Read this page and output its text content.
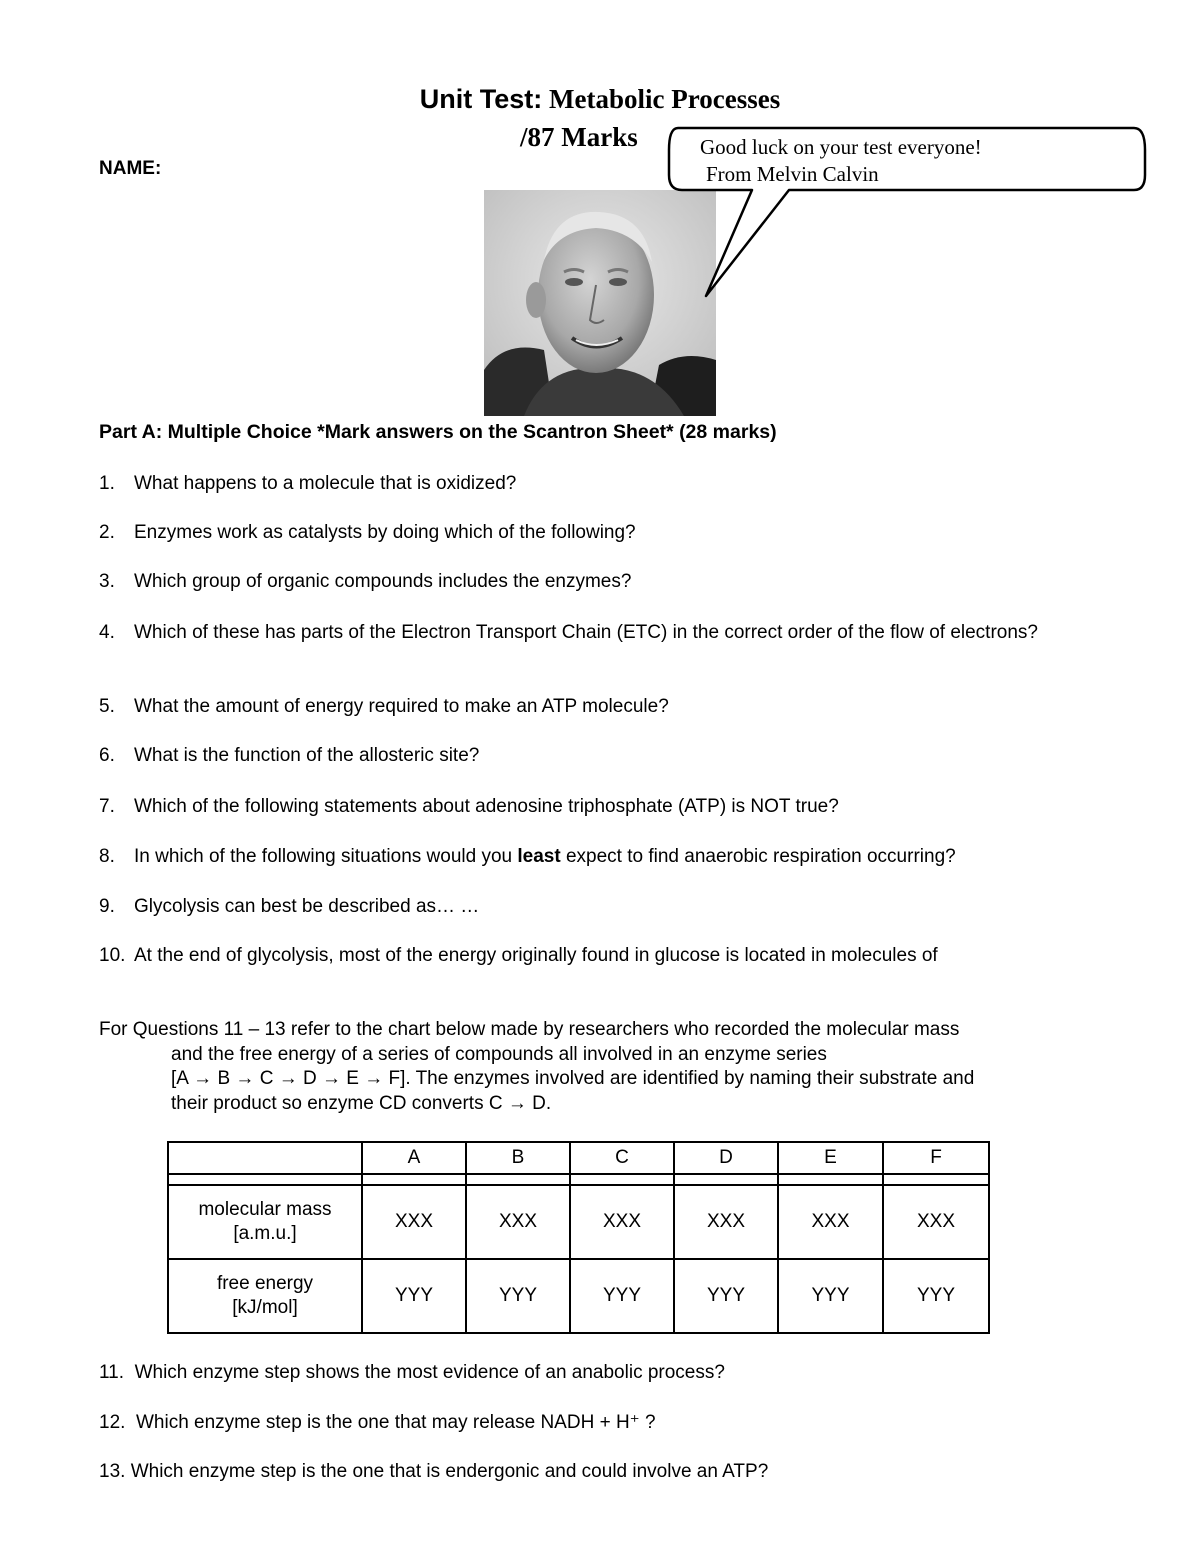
Unit Test: Metabolic Processes
/87 Marks
NAME:
Good luck on your test everyone!
From Melvin Calvin
Part A: Multiple Choice *Mark answers on the Scantron Sheet* (28 marks)
1.	What happens to a molecule that is oxidized?
2.	Enzymes work as catalysts by doing which of the following?
3.	Which group of organic compounds includes the enzymes?
4.	Which of these has parts of the Electron Transport Chain (ETC) in the correct order of the flow of electrons?
5.	What the amount of energy required to make an ATP molecule?
6.	What is the function of the allosteric site?
7.	Which of the following statements about adenosine triphosphate (ATP) is NOT true?
8.	In which of the following situations would you least expect to find anaerobic respiration occurring?
9.	Glycolysis can best be described as… …
10. At the end of glycolysis, most of the energy originally found in glucose is located in molecules of
For Questions 11 – 13 refer to the chart below made by researchers who recorded the molecular mass
and the free energy of a series of compounds all involved in an enzyme series
[A → B → C → D → E → F]. The enzymes involved are identified by naming their substrate and
their product so enzyme CD converts C → D.
	A	B	C	D	E	F

molecular mass
[a.m.u.]	XXX	XXX	XXX	XXX	XXX	XXX
free energy
[kJ/mol]	YYY	YYY	YYY	YYY	YYY	YYY
11. Which enzyme step shows the most evidence of an anabolic process?
12. Which enzyme step is the one that may release NADH + H⁺ ?
13. Which enzyme step is the one that is endergonic and could involve an ATP?
